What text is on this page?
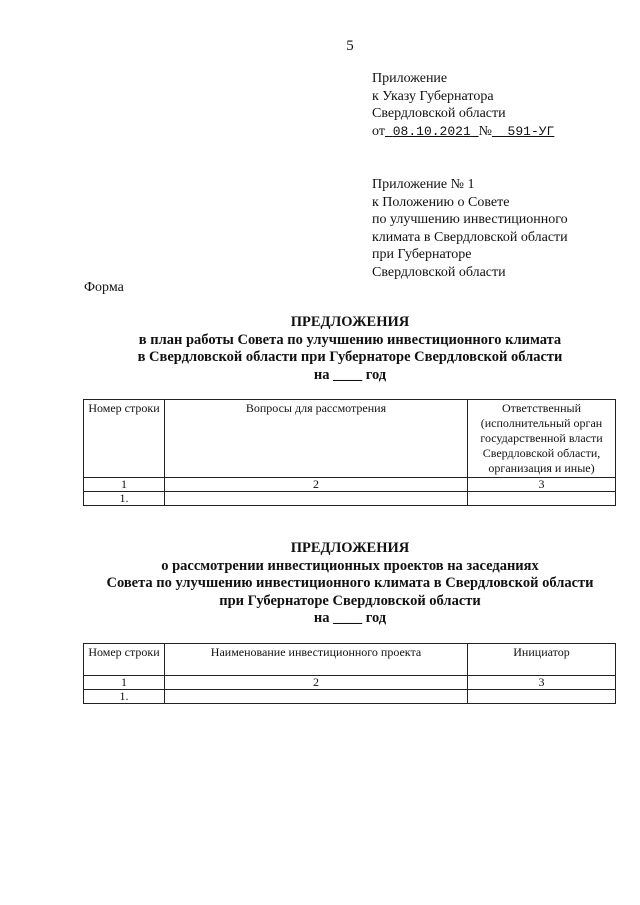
5
Приложение
к Указу Губернатора
Свердловской области
от 08.10.2021 № 591-УГ
Приложение № 1
к Положению о Совете
по улучшению инвестиционного
климата в Свердловской области
при Губернаторе
Свердловской области
Форма
ПРЕДЛОЖЕНИЯ
в план работы Совета по улучшению инвестиционного климата
в Свердловской области при Губернаторе Свердловской области
на ____ год
Номер строки	Вопросы для рассмотрения	Ответственный (исполнительный орган государственной власти Свердловской области, организация и иные)
1	2	3
1.		
ПРЕДЛОЖЕНИЯ
о рассмотрении инвестиционных проектов на заседаниях
Совета по улучшению инвестиционного климата в Свердловской области
при Губернаторе Свердловской области
на ____ год
Номер строки	Наименование инвестиционного проекта	Инициатор
1	2	3
1.		
